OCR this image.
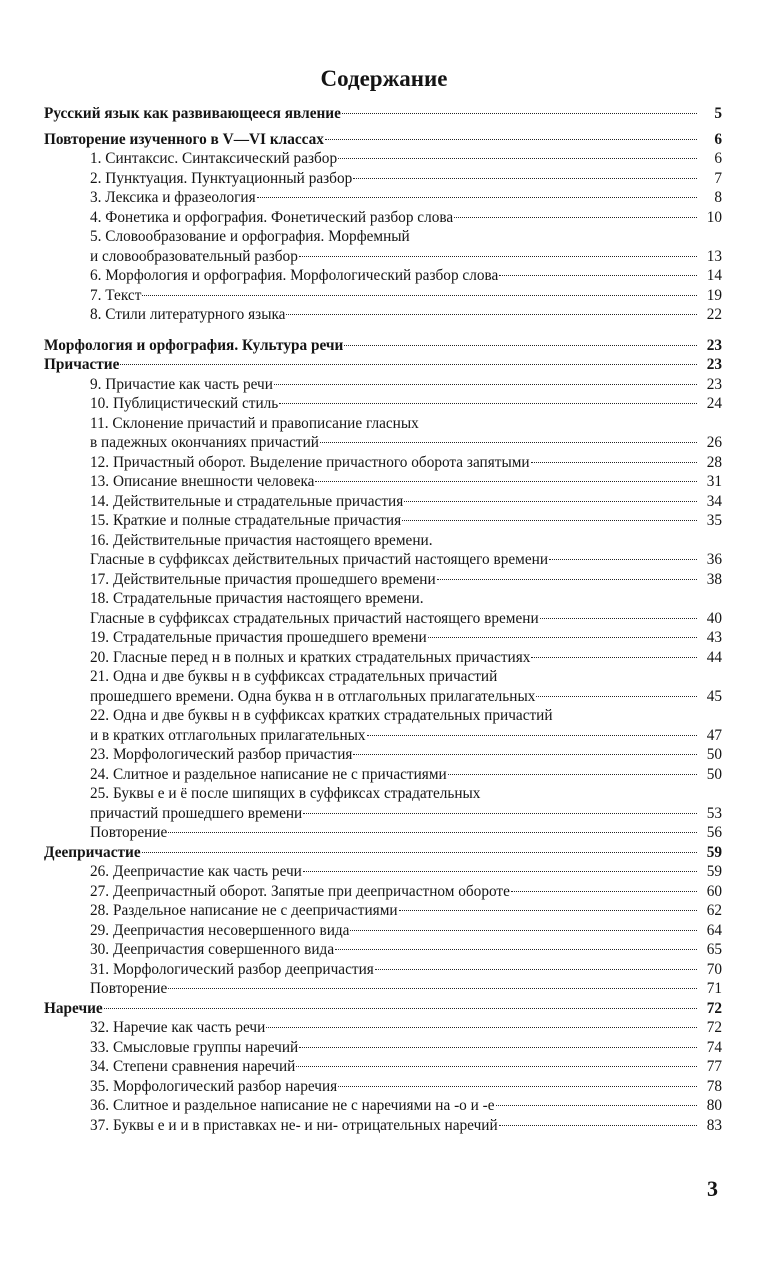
Содержание
Русский язык как развивающееся явление	5
Повторение изученного в V—VI классах	6
1. Синтаксис. Синтаксический разбор	6
2. Пунктуация. Пунктуационный разбор	7
3. Лексика и фразеология	8
4. Фонетика и орфография. Фонетический разбор слова	10
5. Словообразование и орфография. Морфемный
и словообразовательный разбор	13
6. Морфология и орфография. Морфологический разбор слова	14
7. Текст	19
8. Стили литературного языка	22
Морфология и орфография. Культура речи	23
Причастие	23
9. Причастие как часть речи	23
10. Публицистический стиль	24
11. Склонение причастий и правописание гласных
в падежных окончаниях причастий	26
12. Причастный оборот. Выделение причастного оборота запятыми	28
13. Описание внешности человека	31
14. Действительные и страдательные причастия	34
15. Краткие и полные страдательные причастия	35
16. Действительные причастия настоящего времени.
Гласные в суффиксах действительных причастий настоящего времени	36
17. Действительные причастия прошедшего времени	38
18. Страдательные причастия настоящего времени.
Гласные в суффиксах страдательных причастий настоящего времени	40
19. Страдательные причастия прошедшего времени	43
20. Гласные перед н в полных и кратких страдательных причастиях	44
21. Одна и две буквы н в суффиксах страдательных причастий
прошедшего времени. Одна буква н в отглагольных прилагательных	45
22. Одна и две буквы н в суффиксах кратких страдательных причастий
и в кратких отглагольных прилагательных	47
23. Морфологический разбор причастия	50
24. Слитное и раздельное написание не с причастиями	50
25. Буквы е и ё после шипящих в суффиксах страдательных
причастий прошедшего времени	53
Повторение	56
Деепричастие	59
26. Деепричастие как часть речи	59
27. Деепричастный оборот. Запятые при деепричастном обороте	60
28. Раздельное написание не с деепричастиями	62
29. Деепричастия несовершенного вида	64
30. Деепричастия совершенного вида	65
31. Морфологический разбор деепричастия	70
Повторение	71
Наречие	72
32. Наречие как часть речи	72
33. Смысловые группы наречий	74
34. Степени сравнения наречий	77
35. Морфологический разбор наречия	78
36. Слитное и раздельное написание не с наречиями на -о и -е	80
37. Буквы е и и в приставках не- и ни- отрицательных наречий	83
3
